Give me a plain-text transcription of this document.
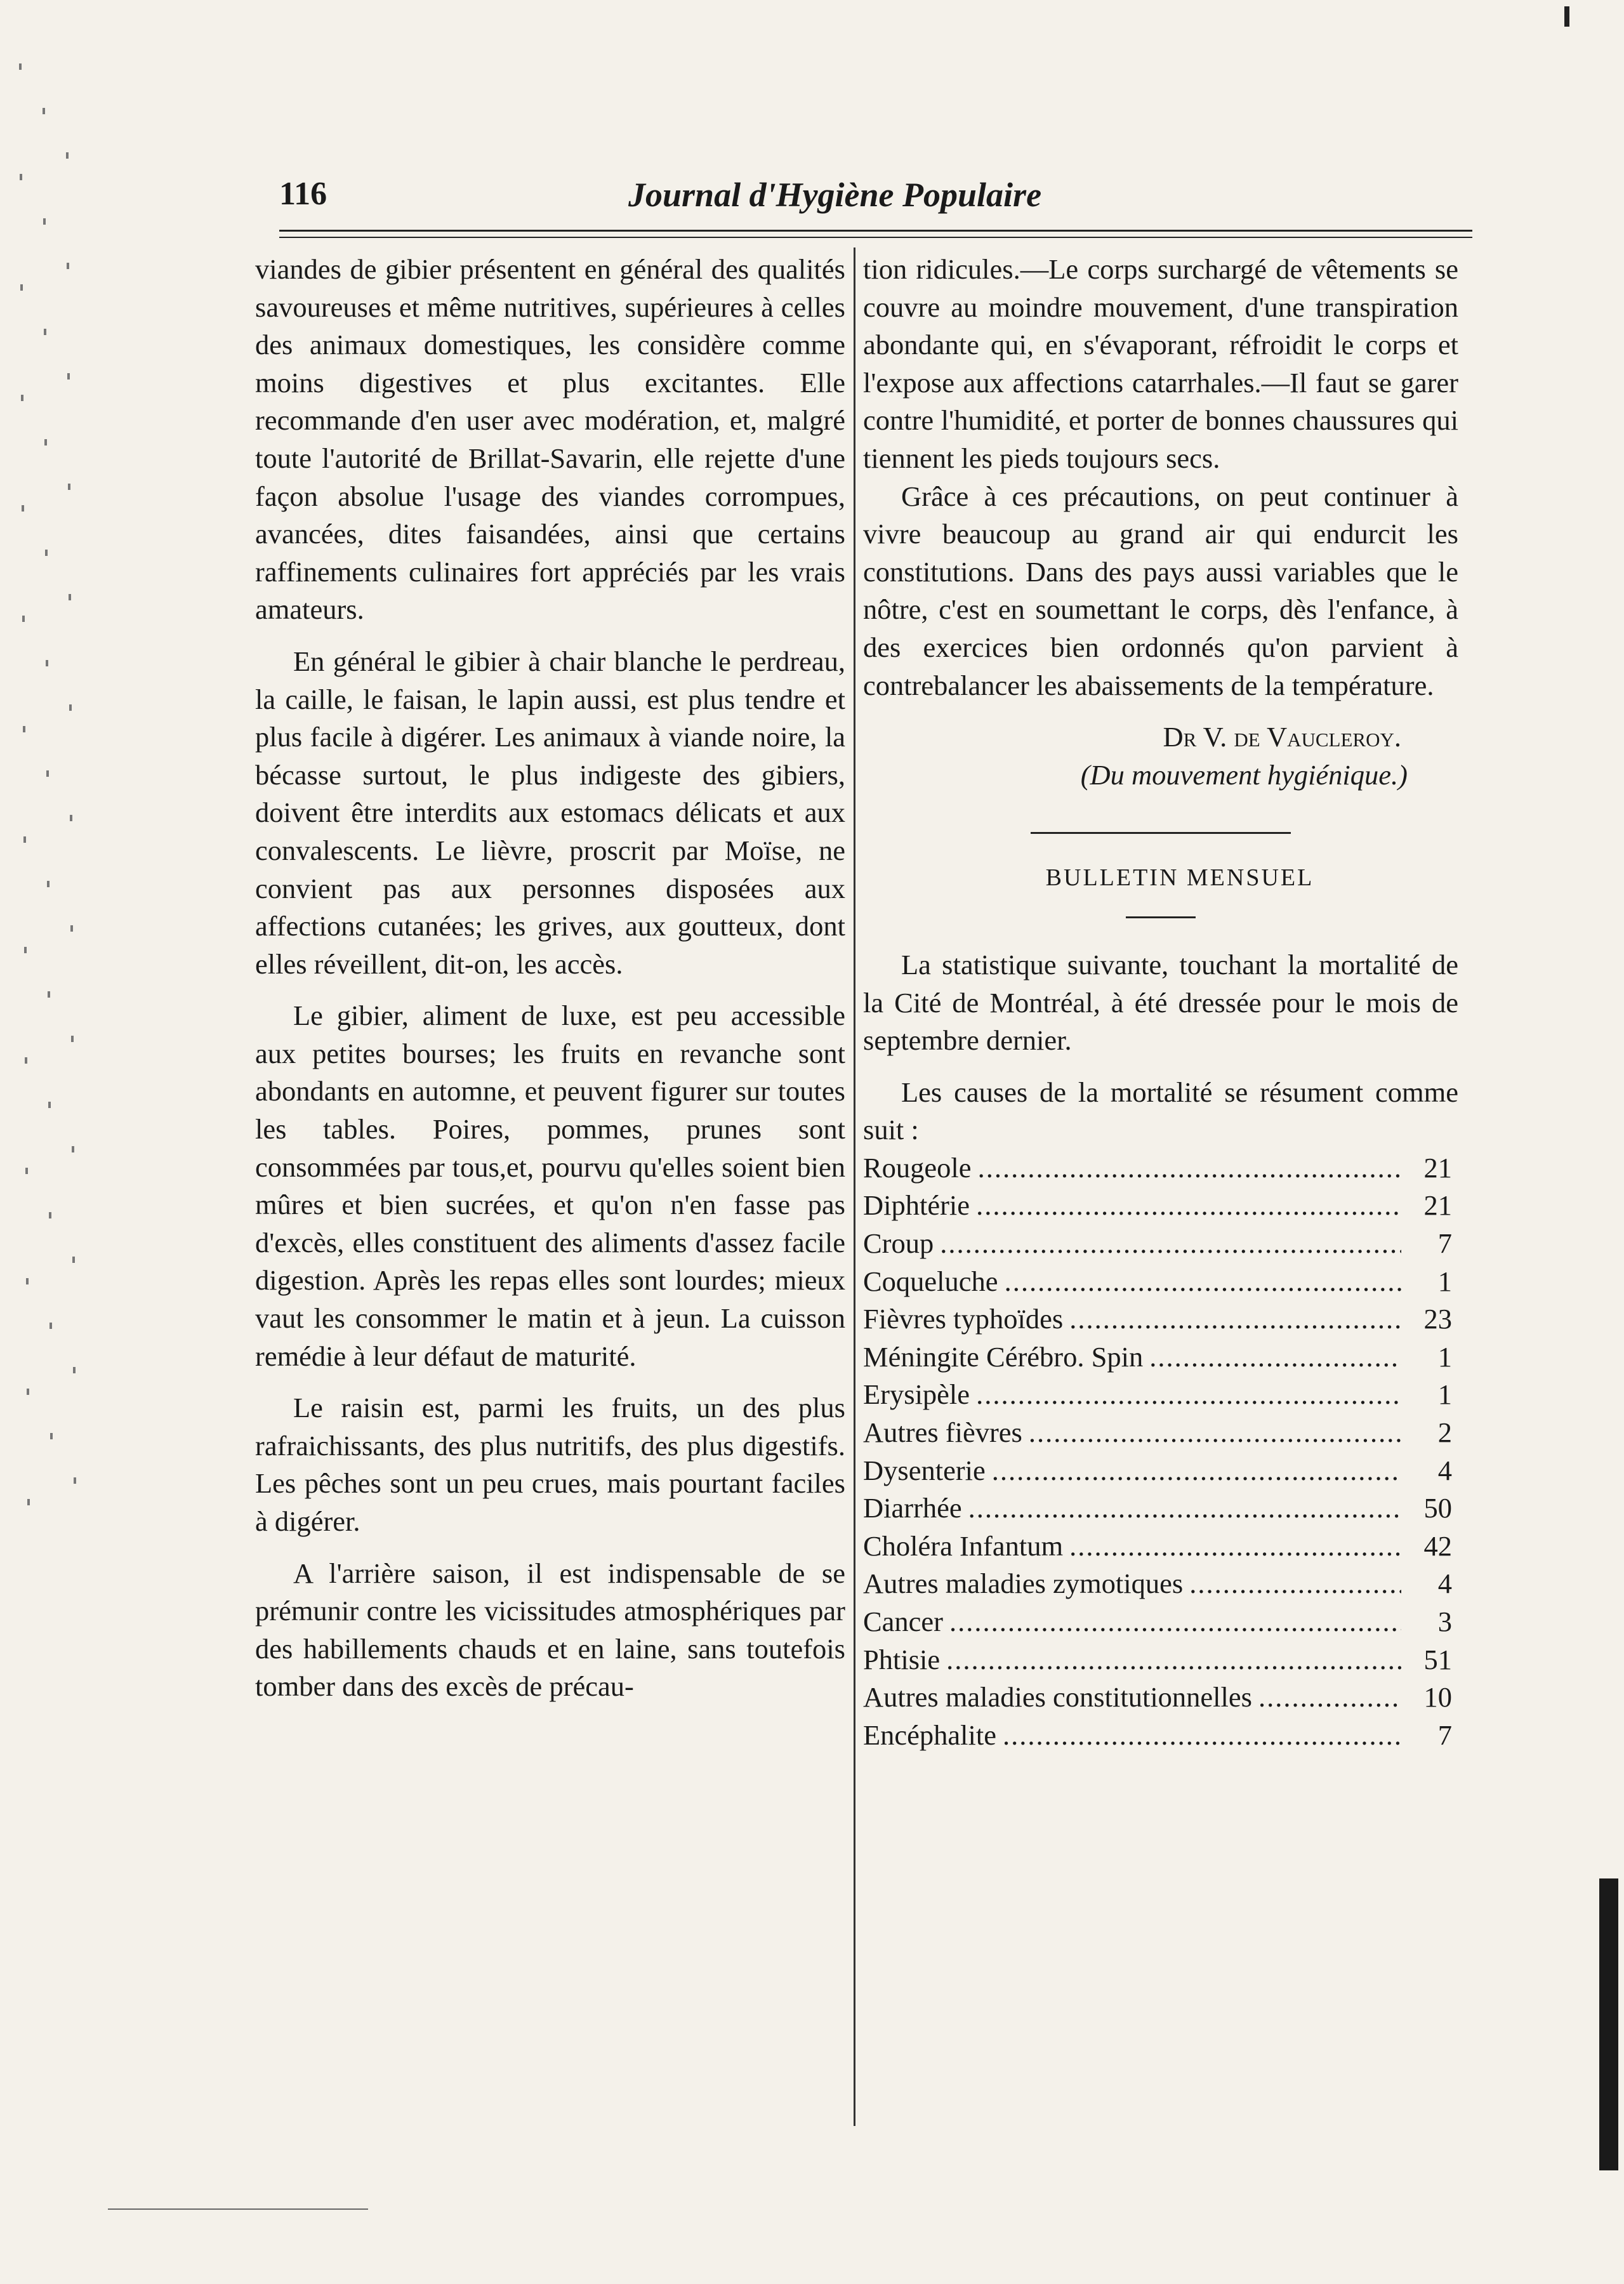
116	Journal d'Hygiène Populaire

viandes de gibier présentent en général des qualités savoureuses et même nutritives, supérieures à celles des animaux domestiques, les considère comme moins digestives et plus excitantes. Elle recommande d'en user avec modération, et, malgré toute l'autorité de Brillat-Savarin, elle rejette d'une façon absolue l'usage des viandes corrompues, avancées, dites faisandées, ainsi que certains raffinements culinaires fort appréciés par les vrais amateurs.

En général le gibier à chair blanche le perdreau, la caille, le faisan, le lapin aussi, est plus tendre et plus facile à digérer. Les animaux à viande noire, la bécasse surtout, le plus indigeste des gibiers, doivent être interdits aux estomacs délicats et aux convalescents. Le lièvre, proscrit par Moïse, ne convient pas aux personnes disposées aux affections cutanées; les grives, aux goutteux, dont elles réveillent, dit-on, les accès.

Le gibier, aliment de luxe, est peu accessible aux petites bourses; les fruits en revanche sont abondants en automne, et peuvent figurer sur toutes les tables. Poires, pommes, prunes sont consommées par tous,et, pourvu qu'elles soient bien mûres et bien sucrées, et qu'on n'en fasse pas d'excès, elles constituent des aliments d'assez facile digestion. Après les repas elles sont lourdes; mieux vaut les consommer le matin et à jeun. La cuisson remédie à leur défaut de maturité.

Le raisin est, parmi les fruits, un des plus rafraichissants, des plus nutritifs, des plus digestifs. Les pêches sont un peu crues, mais pourtant faciles à digérer.

A l'arrière saison, il est indispensable de se prémunir contre les vicissitudes atmosphériques par des habillements chauds et en laine, sans toutefois tomber dans des excès de précau-

tion ridicules.—Le corps surchargé de vêtements se couvre au moindre mouvement, d'une transpiration abondante qui, en s'évaporant, réfroidit le corps et l'expose aux affections catarrhales.—Il faut se garer contre l'humidité, et porter de bonnes chaussures qui tiennent les pieds toujours secs.

Grâce à ces précautions, on peut continuer à vivre beaucoup au grand air qui endurcit les constitutions. Dans des pays aussi variables que le nôtre, c'est en soumettant le corps, dès l'enfance, à des exercices bien ordonnés qu'on parvient à contrebalancer les abaissements de la température.

Dr V. de Vaucleroy.

(Du mouvement hygiénique.)

BULLETIN MENSUEL

La statistique suivante, touchant la mortalité de la Cité de Montréal, à été dressée pour le mois de septembre dernier.

Les causes de la mortalité se résument comme suit :

Rougeole .....	21
Diphtérie .....	21
Croup .....	7
Coqueluche .....	1
Fièvres typhoïdes .....	23
Méningite Cérébro. Spin .....	1
Erysipèle .....	1
Autres fièvres .....	2
Dysenterie .....	4
Diarrhée .....	50
Choléra Infantum .....	42
Autres maladies zymotiques .....	4
Cancer .....	3
Phtisie .....	51
Autres maladies constitutionnelles .....	10
Encéphalite .....	7
